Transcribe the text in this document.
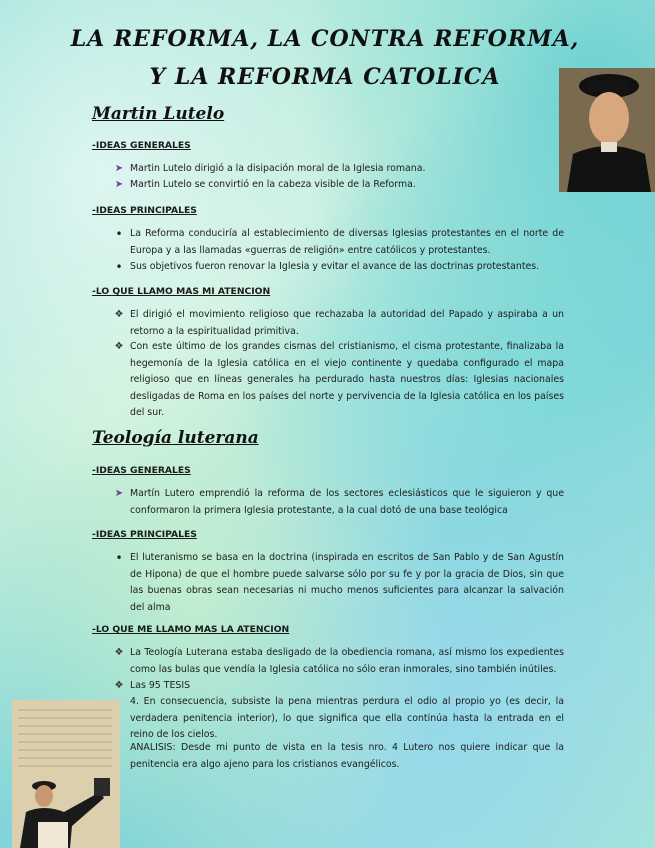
LA REFORMA, LA CONTRA REFORMA, Y LA REFORMA CATOLICA
Martin Lutelo
-IDEAS GENERALES
➤ Martin Lutelo dirigió a la disipación moral de la Iglesia romana.
➤ Martin Lutelo se convirtió en la cabeza visible de la Reforma.
-IDEAS PRINCIPALES
• La Reforma conduciría al establecimiento de diversas Iglesias protestantes en el norte de Europa y a las llamadas «guerras de religión» entre católicos y protestantes.
• Sus objetivos fueron renovar la Iglesia y evitar el avance de las doctrinas protestantes.
-LO QUE LLAMO MAS MI ATENCION
❖ El dirigió el movimiento religioso que rechazaba la autoridad del Papado y aspiraba a un retorno a la espiritualidad primitiva.
❖ Con este último de los grandes cismas del cristianismo, el cisma protestante, finalizaba la hegemonía de la Iglesia católica en el viejo continente y quedaba configurado el mapa religioso que en líneas generales ha perdurado hasta nuestros días: Iglesias nacionales desligadas de Roma en los países del norte y pervivencia de la Iglesia católica en los países del sur.
Teología luterana
-IDEAS GENERALES
➤ Martín Lutero emprendió la reforma de los sectores eclesiásticos que le siguieron y que conformaron la primera Iglesia protestante, a la cual dotó de una base teológica
-IDEAS PRINCIPALES
• El luteranismo se basa en la doctrina (inspirada en escritos de San Pablo y de San Agustín de Hipona) de que el hombre puede salvarse sólo por su fe y por la gracia de Dios, sin que las buenas obras sean necesarias ni mucho menos suficientes para alcanzar la salvación del alma
-LO QUE ME LLAMO MAS LA ATENCION
❖ La Teología Luterana estaba desligado de la obediencia romana, así mismo los expedientes como las bulas que vendía la Iglesia católica no sólo eran inmorales, sino también inútiles.
❖ Las 95 TESIS
4. En consecuencia, subsiste la pena mientras perdura el odio al propio yo (es decir, la verdadera penitencia interior), lo que significa que ella continúa hasta la entrada en el reino de los cielos.
ANALISIS: Desde mi punto de vista en la tesis nro. 4 Lutero nos quiere indicar que la penitencia era algo ajeno para los cristianos evangélicos.
